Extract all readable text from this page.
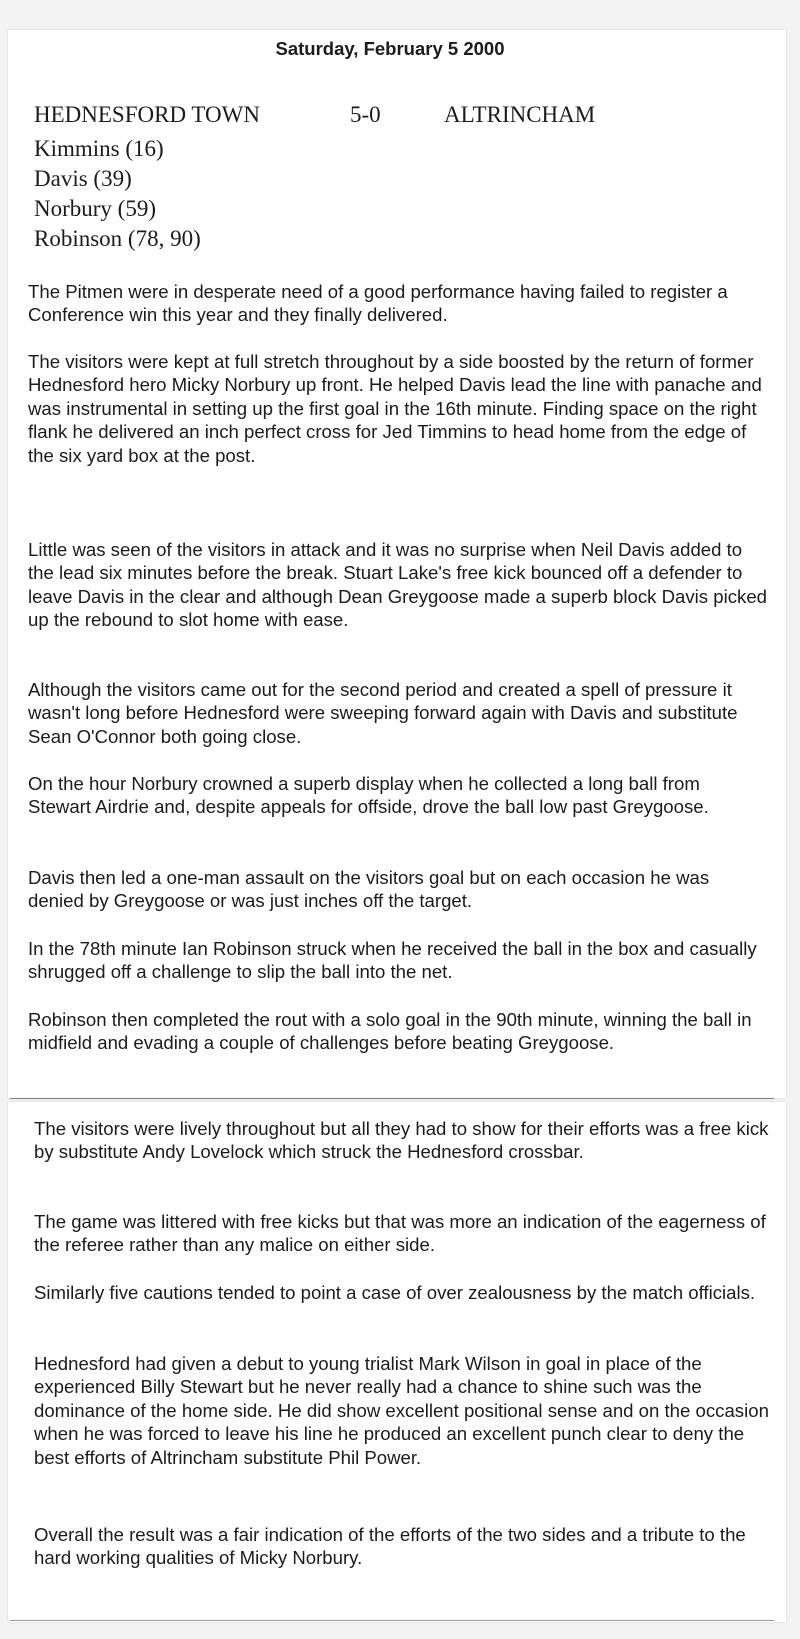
Saturday, February 5 2000
HEDNESFORD TOWN	5-0	ALTRINCHAM
Kimmins (16)
Davis (39)
Norbury (59)
Robinson (78, 90)

The Pitmen were in desperate need of a good performance having failed to register a Conference win this year and they finally delivered.

The visitors were kept at full stretch throughout by a side boosted by the return of former Hednesford hero Micky Norbury up front. He helped Davis lead the line with panache and was instrumental in setting up the first goal in the 16th minute. Finding space on the right flank he delivered an inch perfect cross for Jed Timmins to head home from the edge of the six yard box at the post.

Little was seen of the visitors in attack and it was no surprise when Neil Davis added to the lead six minutes before the break. Stuart Lake's free kick bounced off a defender to leave Davis in the clear and although Dean Greygoose made a superb block Davis picked up the rebound to slot home with ease.

Although the visitors came out for the second period and created a spell of pressure it wasn't long before Hednesford were sweeping forward again with Davis and substitute Sean O'Connor both going close.

On the hour Norbury crowned a superb display when he collected a long ball from Stewart Airdrie and, despite appeals for offside, drove the ball low past Greygoose.

Davis then led a one-man assault on the visitors goal but on each occasion he was denied by Greygoose or was just inches off the target.

In the 78th minute Ian Robinson struck when he received the ball in the box and casually shrugged off a challenge to slip the ball into the net.

Robinson then completed the rout with a solo goal in the 90th minute, winning the ball in midfield and evading a couple of challenges before beating Greygoose.

The visitors were lively throughout but all they had to show for their efforts was a free kick by substitute Andy Lovelock which struck the Hednesford crossbar.

The game was littered with free kicks but that was more an indication of the eagerness of the referee rather than any malice on either side.

Similarly five cautions tended to point a case of over zealousness by the match officials.

Hednesford had given a debut to young trialist Mark Wilson in goal in place of the experienced Billy Stewart but he never really had a chance to shine such was the dominance of the home side. He did show excellent positional sense and on the occasion when he was forced to leave his line he produced an excellent punch clear to deny the best efforts of Altrincham substitute Phil Power.

Overall the result was a fair indication of the efforts of the two sides and a tribute to the hard working qualities of Micky Norbury.
